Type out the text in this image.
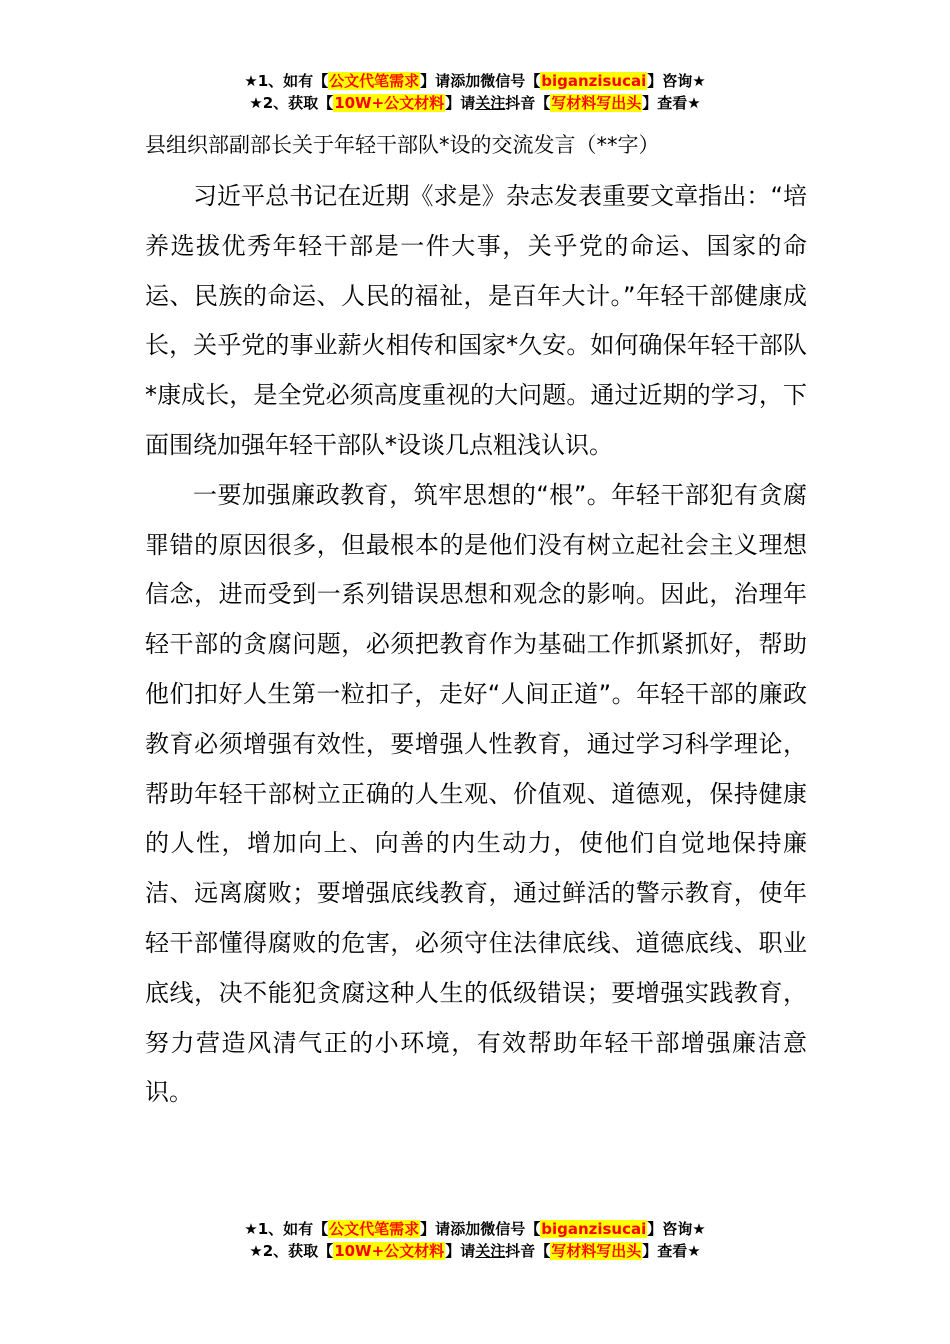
★1、如有【公文代笔需求】请添加微信号【biganzisucai】咨询★
★2、获取【10W+公文材料】请关注抖音【写材料写出头】查看★
县组织部副部长关于年轻干部队*设的交流发言（**字）

习近平总书记在近期《求是》杂志发表重要文章指出：“培养选拔优秀年轻干部是一件大事，关乎党的命运、国家的命运、民族的命运、人民的福祉，是百年大计。”年轻干部健康成长，关乎党的事业薪火相传和国家*久安。如何确保年轻干部队*康成长，是全党必须高度重视的大问题。通过近期的学习，下面围绕加强年轻干部队*设谈几点粗浅认识。

一要加强廉政教育，筑牢思想的“根”。年轻干部犯有贪腐罪错的原因很多，但最根本的是他们没有树立起社会主义理想信念，进而受到一系列错误思想和观念的影响。因此，治理年轻干部的贪腐问题，必须把教育作为基础工作抓紧抓好，帮助他们扣好人生第一粒扣子，走好“人间正道”。年轻干部的廉政教育必须增强有效性，要增强人性教育，通过学习科学理论，帮助年轻干部树立正确的人生观、价值观、道德观，保持健康的人性，增加向上、向善的内生动力，使他们自觉地保持廉洁、远离腐败；要增强底线教育，通过鲜活的警示教育，使年轻干部懂得腐败的危害，必须守住法律底线、道德底线、职业底线，决不能犯贪腐这种人生的低级错误；要增强实践教育，努力营造风清气正的小环境，有效帮助年轻干部增强廉洁意识。

★1、如有【公文代笔需求】请添加微信号【biganzisucai】咨询★
★2、获取【10W+公文材料】请关注抖音【写材料写出头】查看★
